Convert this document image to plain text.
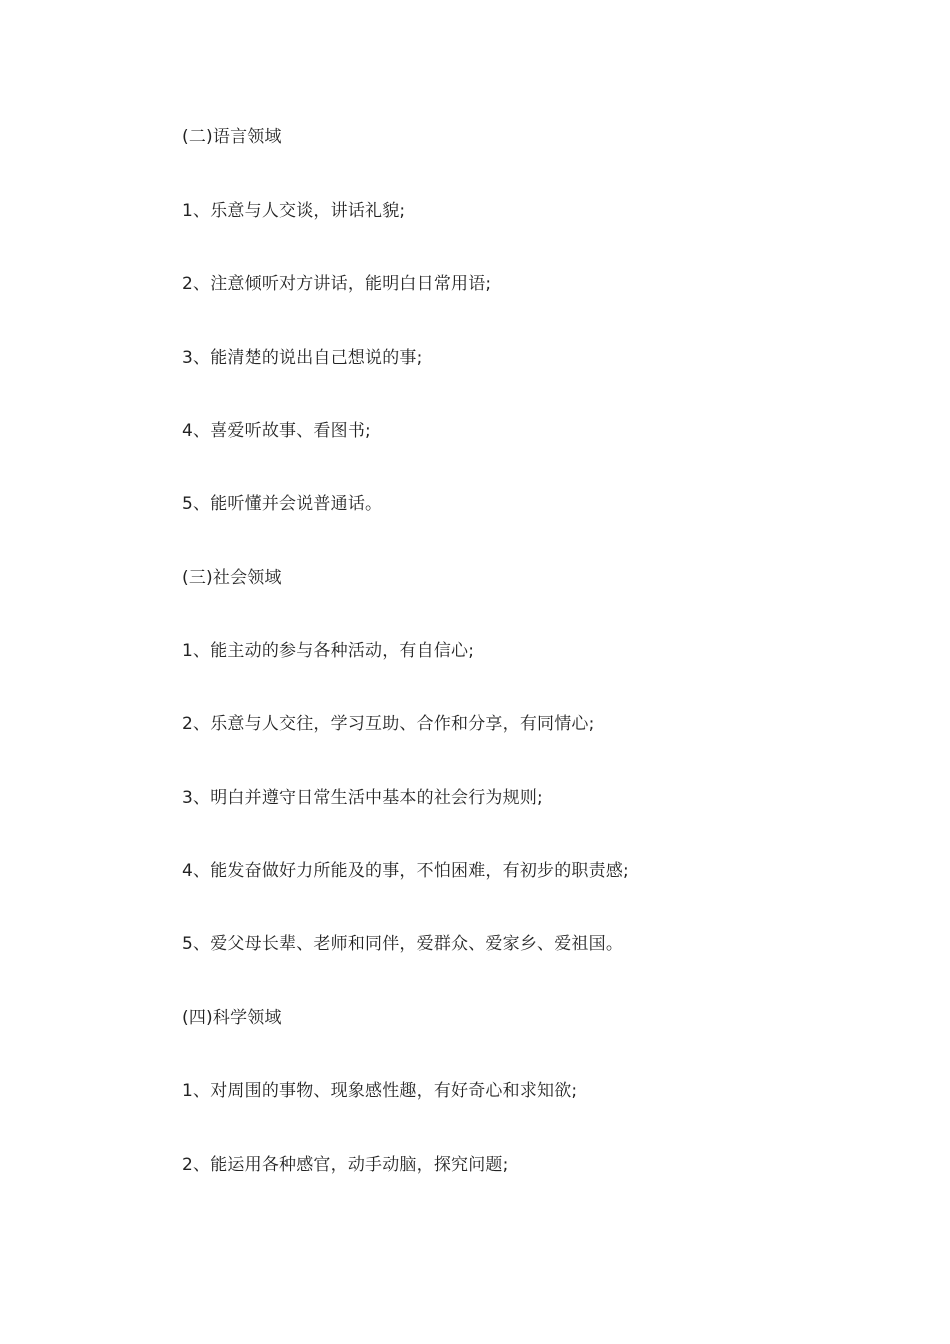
(二)语言领域
1、乐意与人交谈，讲话礼貌;
2、注意倾听对方讲话，能明白日常用语;
3、能清楚的说出自己想说的事;
4、喜爱听故事、看图书;
5、能听懂并会说普通话。
(三)社会领域
1、能主动的参与各种活动，有自信心;
2、乐意与人交往，学习互助、合作和分享，有同情心;
3、明白并遵守日常生活中基本的社会行为规则;
4、能发奋做好力所能及的事，不怕困难，有初步的职责感;
5、爱父母长辈、老师和同伴，爱群众、爱家乡、爱祖国。
(四)科学领域
1、对周围的事物、现象感性趣，有好奇心和求知欲;
2、能运用各种感官，动手动脑，探究问题;
